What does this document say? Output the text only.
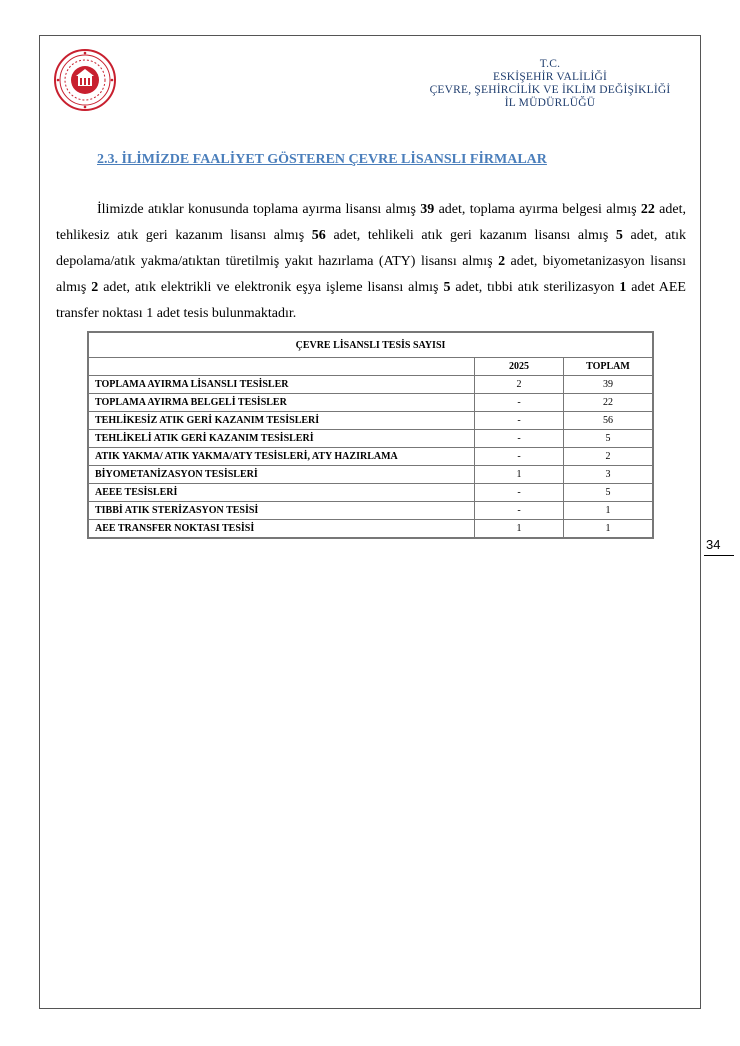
T.C.
ESKİŞEHİR VALİLİĞİ
ÇEVRE, ŞEHİRCİLİK VE İKLİM DEĞİŞİKLİĞİ
İL MÜDÜRLÜĞÜ
2.3. İLİMİZDE FAALİYET GÖSTEREN ÇEVRE LİSANSLI FİRMALAR

İlimizde atıklar konusunda toplama ayırma lisansı almış 39 adet, toplama ayırma belgesi almış 22 adet, tehlikesiz atık geri kazanım lisansı almış 56 adet, tehlikeli atık geri kazanım lisansı almış 5 adet, atık depolama/atık yakma/atıktan türetilmiş yakıt hazırlama (ATY) lisansı almış 2 adet, biyometanizasyon lisansı almış 2 adet, atık elektrikli ve elektronik eşya işleme lisansı almış 5 adet, tıbbi atık sterilizasyon 1 adet AEE transfer noktası 1 adet tesis bulunmaktadır.

ÇEVRE LİSANSLI TESİS SAYISI		
	2025	TOPLAM
TOPLAMA AYIRMA LİSANSLI TESİSLER	2	39
TOPLAMA AYIRMA BELGELİ TESİSLER	-	22
TEHLİKESİZ ATIK GERİ KAZANIM TESİSLERİ	-	56
TEHLİKELİ ATIK GERİ KAZANIM TESİSLERİ	-	5
ATIK YAKMA/ ATIK YAKMA/ATY TESİSLERİ, ATY HAZIRLAMA	-	2
BİYOMETANİZASYON TESİSLERİ	1	3
AEEE TESİSLERİ	-	5
TIBBİ ATIK STERİZASYON TESİSİ	-	1
AEE TRANSFER NOKTASI TESİSİ	1	1
34
